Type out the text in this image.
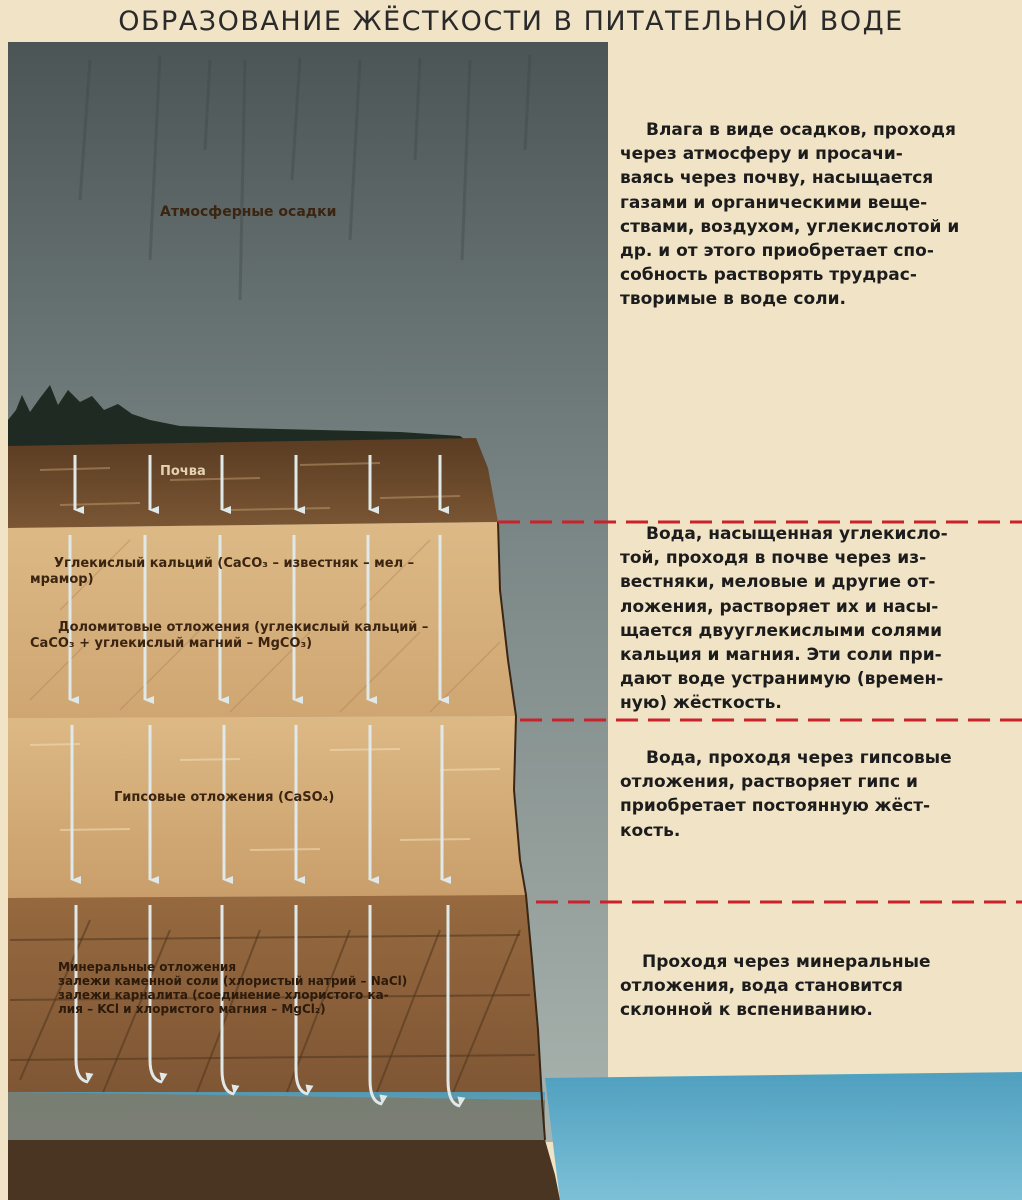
ОБРАЗОВАНИЕ ЖЁСТКОСТИ В ПИТАТЕЛЬНОЙ ВОДЕ
Атмосферные осадки
Почва
Углекислый кальций (CaCO₃ – известняк – мел –
мрамор)
Доломитовые отложения (углекислый кальций –
CaCO₃ + углекислый магний – MgCO₃)
Гипсовые отложения (CaSO₄)
Минеральные отложения
залежи каменной соли (хлористый натрий – NaCl)
залежи карналита (соединение хлористого ка-
лия – KCl и хлористого магния – MgCl₂)
Влага в виде осадков, проходя
через атмосферу и просачи-
ваясь через почву, насыщается
газами и органическими веще-
ствами, воздухом, углекислотой и
др. и от этого приобретает спо-
собность растворять трудрас-
творимые в воде соли.
Вода, насыщенная углекисло-
той, проходя в почве через из-
вестняки, меловые и другие от-
ложения, растворяет их и насы-
щается двууглекислыми солями
кальция и магния. Эти соли при-
дают воде устранимую (времен-
ную) жёсткость.
Вода, проходя через гипсовые
отложения, растворяет гипс и
приобретает постоянную жёст-
кость.
Проходя через минеральные
отложения, вода становится
склонной к вспениванию.
